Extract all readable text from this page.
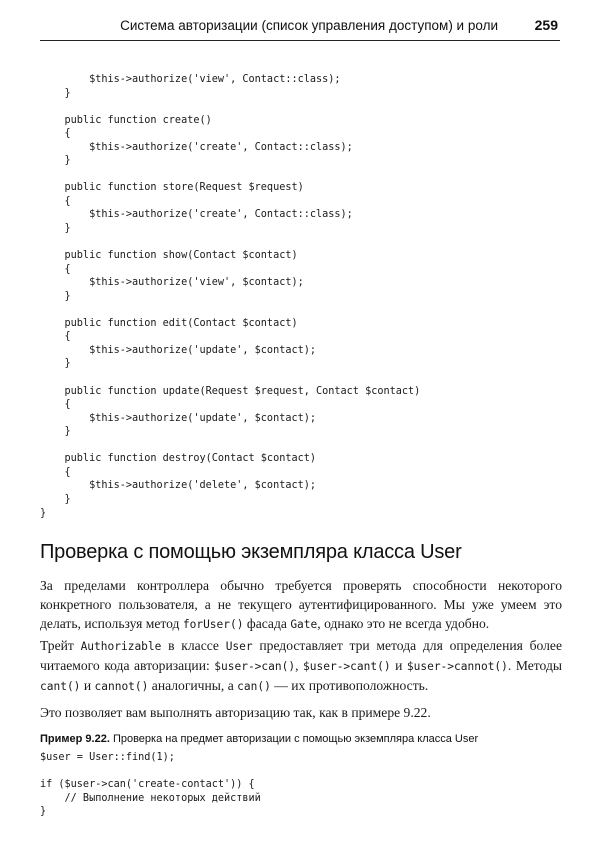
Система авторизации (список управления доступом) и роли	259
$this->authorize('view', Contact::class);
}
public function create()
{
$this->authorize('create', Contact::class);
}
public function store(Request $request)
{
$this->authorize('create', Contact::class);
}
public function show(Contact $contact)
{
$this->authorize('view', $contact);
}
public function edit(Contact $contact)
{
$this->authorize('update', $contact);
}
public function update(Request $request, Contact $contact)
{
$this->authorize('update', $contact);
}
public function destroy(Contact $contact)
{
$this->authorize('delete', $contact);
}
}
Проверка с помощью экземпляра класса User
За пределами контроллера обычно требуется проверять способности некоторого конкретного пользователя, а не текущего аутентифицированного. Мы уже умеем это делать, используя метод forUser() фасада Gate, однако это не всегда удобно.
Трейт Authorizable в классе User предоставляет три метода для определения более читаемого кода авторизации: $user->can(), $user->cant() и $user->cannot(). Методы cant() и cannot() аналогичны, а can() — их противоположность.
Это позволяет вам выполнять авторизацию так, как в примере 9.22.
Пример 9.22. Проверка на предмет авторизации с помощью экземпляра класса User
$user = User::find(1);
if ($user->can('create-contact')) {
// Выполнение некоторых действий
}
